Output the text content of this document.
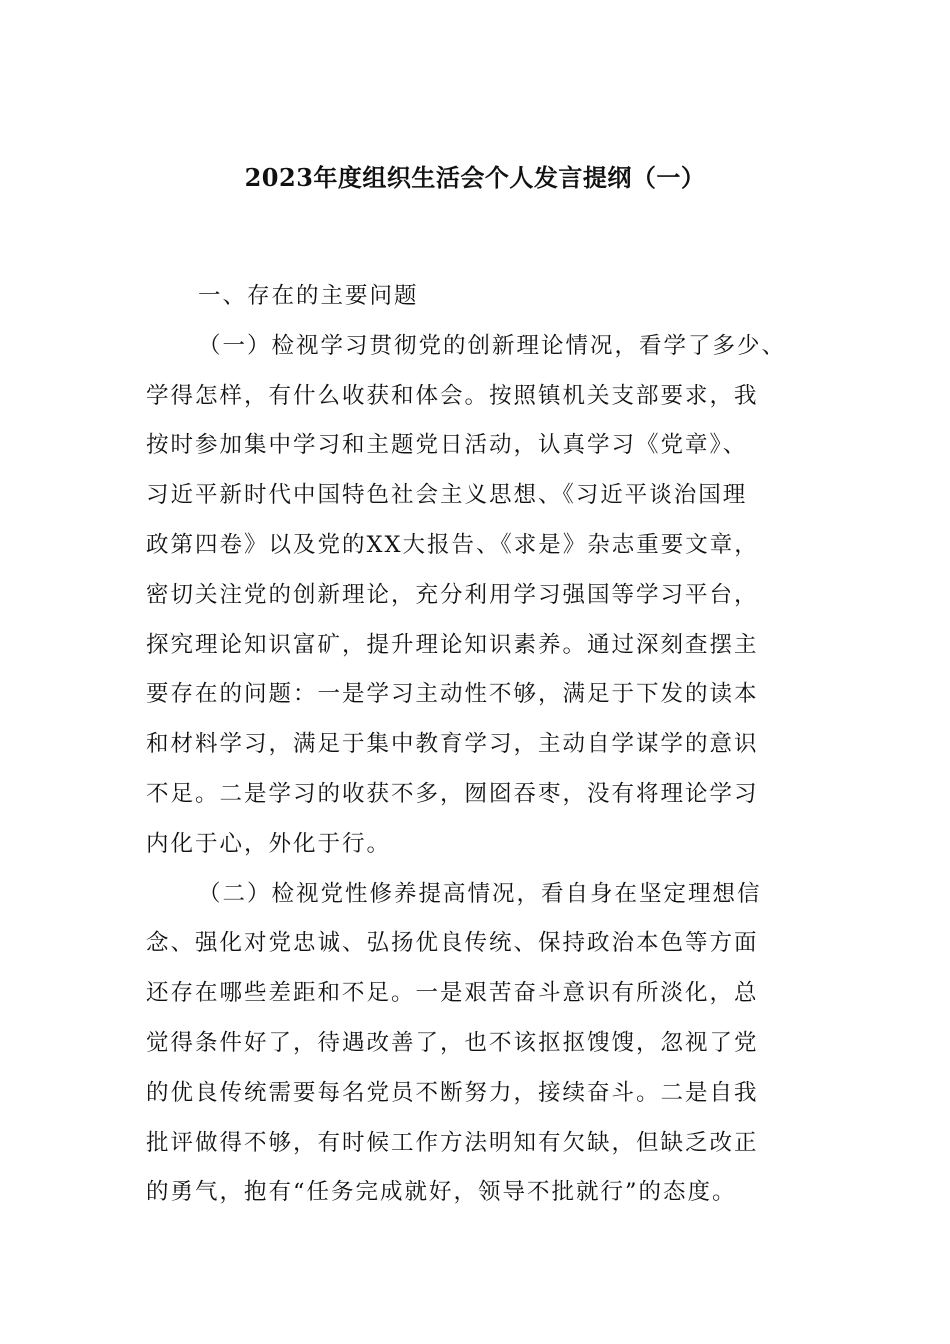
2023年度组织生活会个人发言提纲（一）
一、存在的主要问题
（一）检视学习贯彻党的创新理论情况，看学了多少、
学得怎样，有什么收获和体会。按照镇机关支部要求，我
按时参加集中学习和主题党日活动，认真学习《党章》、
习近平新时代中国特色社会主义思想、《习近平谈治国理
政第四卷》以及党的XX大报告、《求是》杂志重要文章，
密切关注党的创新理论，充分利用学习强国等学习平台，
探究理论知识富矿，提升理论知识素养。通过深刻查摆主
要存在的问题：一是学习主动性不够，满足于下发的读本
和材料学习，满足于集中教育学习，主动自学谋学的意识
不足。二是学习的收获不多，囫囵吞枣，没有将理论学习
内化于心，外化于行。
（二）检视党性修养提高情况，看自身在坚定理想信
念、强化对党忠诚、弘扬优良传统、保持政治本色等方面
还存在哪些差距和不足。一是艰苦奋斗意识有所淡化，总
觉得条件好了，待遇改善了，也不该抠抠馊馊，忽视了党
的优良传统需要每名党员不断努力，接续奋斗。二是自我
批评做得不够，有时候工作方法明知有欠缺，但缺乏改正
的勇气，抱有“任务完成就好，领导不批就行”的态度。
